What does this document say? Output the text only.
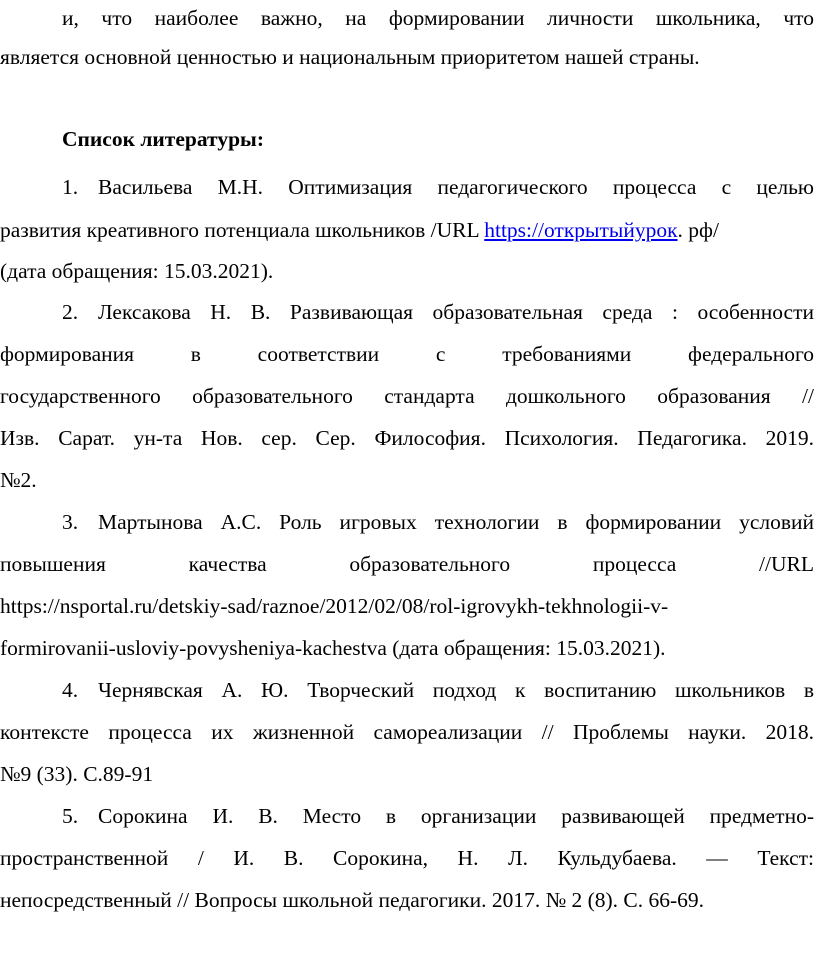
и, что наиболее важно, на формировании личности школьника, что
является основной ценностью и национальным приоритетом нашей страны.
Список литературы:
1. Васильева М.Н. Оптимизация педагогического процесса с целью
развития креативного потенциала школьников /URL https://открытыйурок. рф/
(дата обращения: 15.03.2021).
2. Лексакова Н. В. Развивающая образовательная среда : особенности
формирования в соответствии с требованиями федерального
государственного образовательного стандарта дошкольного образования //
Изв. Сарат. ун-та Нов. сер. Сер. Философия. Психология. Педагогика. 2019.
№2.
3. Мартынова А.С. Роль игровых технологии в формировании условий
повышения качества образовательного процесса //URL
https://nsportal.ru/detskiy-sad/raznoe/2012/02/08/rol-igrovykh-tekhnologii-v-
formirovanii-usloviy-povysheniya-kachestva (дата обращения: 15.03.2021).
4. Чернявская А. Ю. Творческий подход к воспитанию школьников в
контексте процесса их жизненной самореализации // Проблемы науки. 2018.
№9 (33). С.89-91
5. Сорокина И. В. Место в организации развивающей предметно-
пространственной / И. В. Сорокина, Н. Л. Кульдубаева. — Текст:
непосредственный // Вопросы школьной педагогики. 2017. № 2 (8). С. 66-69.
